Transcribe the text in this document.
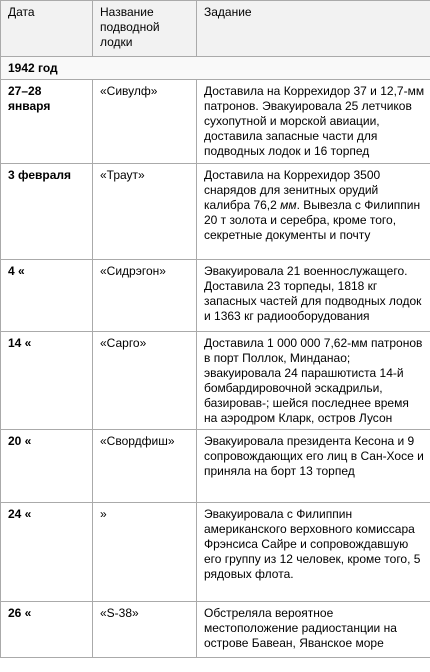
Дата	Название подводной лодки	Задание
1942 год		
27–28 января	«Сивулф»	Доставила на Коррехидор 37 и 12,7-мм патронов. Эвакуировала 25 летчиков сухопутной и морской авиации, доставила запасные части для подводных лодок и 16 торпед
3 февраля	«Траут»	Доставила на Коррехидор 3500 снарядов для зенитных орудий калибра 76,2 мм. Вывезла с Филиппин 20 т золота и серебра, кроме того, секретные документы и почту
4 «	«Сидрэгон»	Эвакуировала 21 военнослужащего. Доставила 23 торпеды, 1818 кг запасных частей для подводных лодок и 1363 кг радиооборудования
14 «	«Сарго»	Доставила 1 000 000 7,62-мм патронов в порт Поллок, Минданао; эвакуировала 24 парашютиста 14-й бомбардировочной эскадрильи, базировав-; шейся последнее время на аэродром Кларк, остров Лусон
20 «	«Свордфиш»	Эвакуировала президента Кесона и 9 сопровождающих его лиц в Сан-Хосе и приняла на борт 13 торпед
24 «	»	Эвакуировала с Филиппин американского верховного комиссара Фрэнсиса Сайре и сопровождавшую его группу из 12 человек, кроме того, 5 рядовых флота.
26 «	«S-38»	Обстреляла вероятное местоположение радиостанции на острове Бавеан, Яванское море
